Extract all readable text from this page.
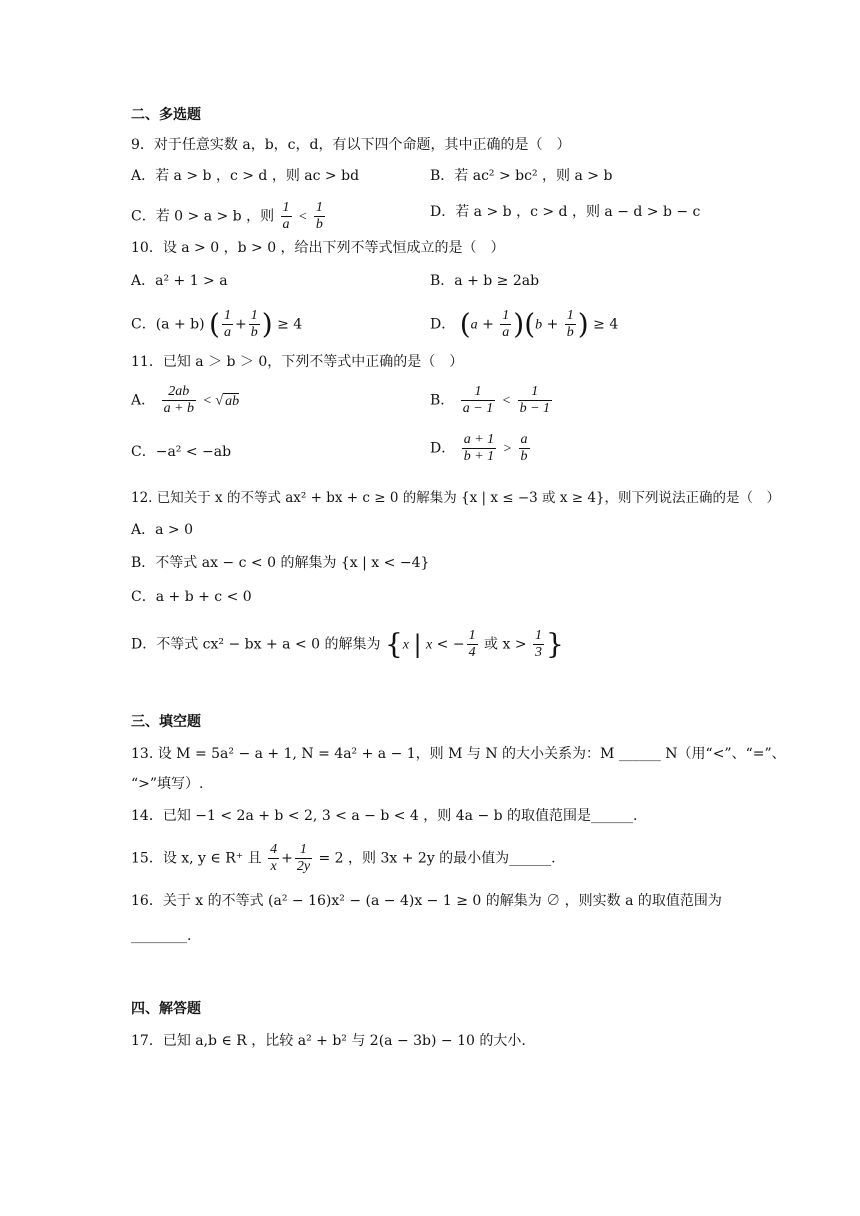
二、多选题
9．对于任意实数 a，b，c，d，有以下四个命题，其中正确的是（　）
A．若 a > b ，c > d ，则 ac > bd	B．若 ac² > bc² ，则 a > b
C．若 0 > a > b ，则 $\frac{1}{a} < \frac{1}{b}$	D．若 a > b ，c > d ，则 a − d > b − c
10．设 a > 0 ，b > 0 ，给出下列不等式恒成立的是（　）
A．a² + 1 > a	B．a + b ≥ 2ab
C．(a + b) ( $\frac{1}{a} + \frac{1}{b}$ ) ≥ 4	D． $(a + \frac{1}{a} )(b + \frac{1}{b}$ ) ≥ 4
11．已知 a ＞ b ＞ 0，下列不等式中正确的是（　）
A． $\frac{2ab}{a + b}$ < √ ab	B． $\frac{1}{a - 1} < \frac{1}{b - 1}$
C．−a² < −ab	D． $\frac{a + 1}{b + 1} > \frac{a}{b}$
12. 已知关于 x 的不等式 ax² + bx + c ≥ 0 的解集为 {x | x ≤ −3 或 x ≥ 4}，则下列说法正确的是（　）
A．a > 0
B．不等式 ax − c < 0 的解集为 {x | x < −4}
C．a + b + c < 0
D．不等式 cx² − bx + a < 0 的解集为 {x | x < − $\frac{1}{4}$ 或 $x > \frac{1}{3}$ }
三、填空题
13. 设 M = 5a² − a + 1, N = 4a² + a − 1，则 M 与 N 的大小关系为：M ______ N（用“<”、“=”、
“>”填写）.
14．已知 −1 < 2a + b < 2, 3 < a − b < 4 ，则 4a − b 的取值范围是______.
15．设 x, y ∈ R⁺ 且 $\frac{4}{x} + \frac{1}{2y} = 2$ ，则 3x + 2y 的最小值为______.
16．关于 x 的不等式 (a² − 16)x² − (a − 4)x − 1 ≥ 0 的解集为 ∅ ，则实数 a 的取值范围为
________.
四、解答题
17．已知 a,b ∈ R ，比较 a² + b² 与 2(a − 3b) − 10 的大小.
